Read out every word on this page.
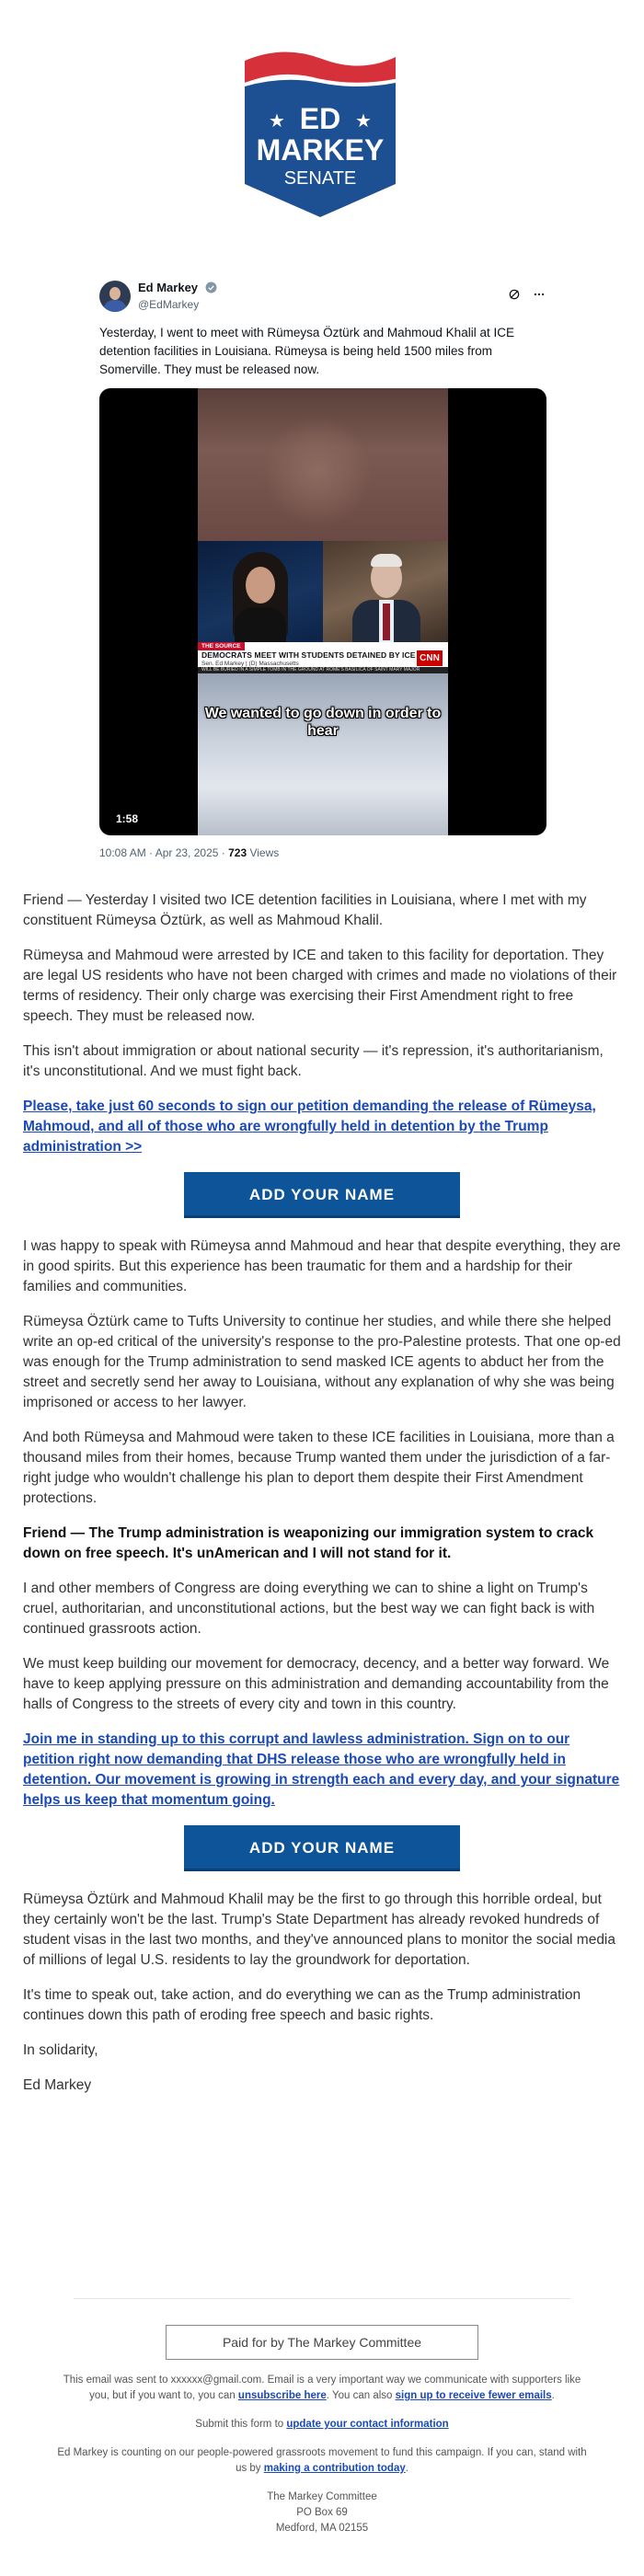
★	★
ED
MARKEY
SENATE
Ed Markey
@EdMarkey
Yesterday, I went to meet with Rümeysa Öztürk and Mahmoud Khalil at ICE detention facilities in Louisiana. Rümeysa is being held 1500 miles from Somerville. They must be released now.
THE SOURCE
DEMOCRATS MEET WITH STUDENTS DETAINED BY ICE
Sen. Ed Markey | (D) Massachusetts
CNN
WILL BE BURIED IN A SIMPLE TOMB IN THE GROUND AT ROME'S BASILICA OF SAINT MARY MAJOR
We wanted to go down in order to hear
1:58
10:08 AM · Apr 23, 2025 · 723 Views

Friend — Yesterday I visited two ICE detention facilities in Louisiana, where I met with my constituent Rümeysa Öztürk, as well as Mahmoud Khalil.

Rümeysa and Mahmoud were arrested by ICE and taken to this facility for deportation. They are legal US residents who have not been charged with crimes and made no violations of their terms of residency. Their only charge was exercising their First Amendment right to free speech. They must be released now.

This isn't about immigration or about national security — it's repression, it's authoritarianism, it's unconstitutional. And we must fight back.

Please, take just 60 seconds to sign our petition demanding the release of Rümeysa, Mahmoud, and all of those who are wrongfully held in detention by the Trump administration >>
ADD YOUR NAME

I was happy to speak with Rümeysa annd Mahmoud and hear that despite everything, they are in good spirits. But this experience has been traumatic for them and a hardship for their families and communities.

Rümeysa Öztürk came to Tufts University to continue her studies, and while there she helped write an op-ed critical of the university's response to the pro-Palestine protests. That one op-ed was enough for the Trump administration to send masked ICE agents to abduct her from the street and secretly send her away to Louisiana, without any explanation of why she was being imprisoned or access to her lawyer.

And both Rümeysa and Mahmoud were taken to these ICE facilities in Louisiana, more than a thousand miles from their homes, because Trump wanted them under the jurisdiction of a far-right judge who wouldn't challenge his plan to deport them despite their First Amendment protections.

Friend — The Trump administration is weaponizing our immigration system to crack down on free speech. It's unAmerican and I will not stand for it.

I and other members of Congress are doing everything we can to shine a light on Trump's cruel, authoritarian, and unconstitutional actions, but the best way we can fight back is with continued grassroots action.

We must keep building our movement for democracy, decency, and a better way forward. We have to keep applying pressure on this administration and demanding accountability from the halls of Congress to the streets of every city and town in this country.

Join me in standing up to this corrupt and lawless administration. Sign on to our petition right now demanding that DHS release those who are wrongfully held in detention. Our movement is growing in strength each and every day, and your signature helps us keep that momentum going.
ADD YOUR NAME

Rümeysa Öztürk and Mahmoud Khalil may be the first to go through this horrible ordeal, but they certainly won't be the last. Trump's State Department has already revoked hundreds of student visas in the last two months, and they've announced plans to monitor the social media of millions of legal U.S. residents to lay the groundwork for deportation.

It's time to speak out, take action, and do everything we can as the Trump administration continues down this path of eroding free speech and basic rights.

In solidarity,

Ed Markey

Paid for by The Markey Committee

This email was sent to xxxxxx@gmail.com. Email is a very important way we communicate with supporters like you, but if you want to, you can unsubscribe here. You can also sign up to receive fewer emails.

Submit this form to update your contact information

Ed Markey is counting on our people-powered grassroots movement to fund this campaign. If you can, stand with us by making a contribution today.

The Markey Committee
PO Box 69
Medford, MA 02155
